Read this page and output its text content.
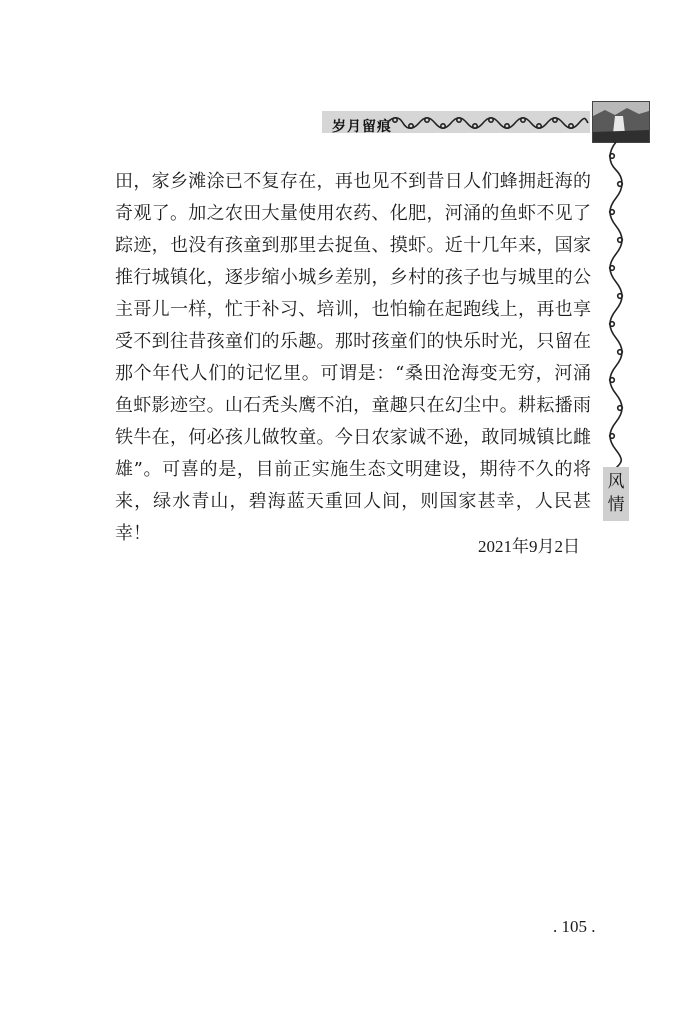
岁月留痕
风
情
田，家乡滩涂已不复存在，再也见不到昔日人们蜂拥赶海的
奇观了。加之农田大量使用农药、化肥，河涌的鱼虾不见了
踪迹，也没有孩童到那里去捉鱼、摸虾。近十几年来，国家
推行城镇化，逐步缩小城乡差别，乡村的孩子也与城里的公
主哥儿一样，忙于补习、培训，也怕输在起跑线上，再也享
受不到往昔孩童们的乐趣。那时孩童们的快乐时光，只留在
那个年代人们的记忆里。可谓是：“桑田沧海变无穷，河涌
鱼虾影迹空。山石秃头鹰不泊，童趣只在幻尘中。耕耘播雨
铁牛在，何必孩儿做牧童。今日农家诚不逊，敢同城镇比雌
雄”。可喜的是，目前正实施生态文明建设，期待不久的将
来，绿水青山，碧海蓝天重回人间，则国家甚幸，人民甚
幸！
2021年9月2日
. 105 .
